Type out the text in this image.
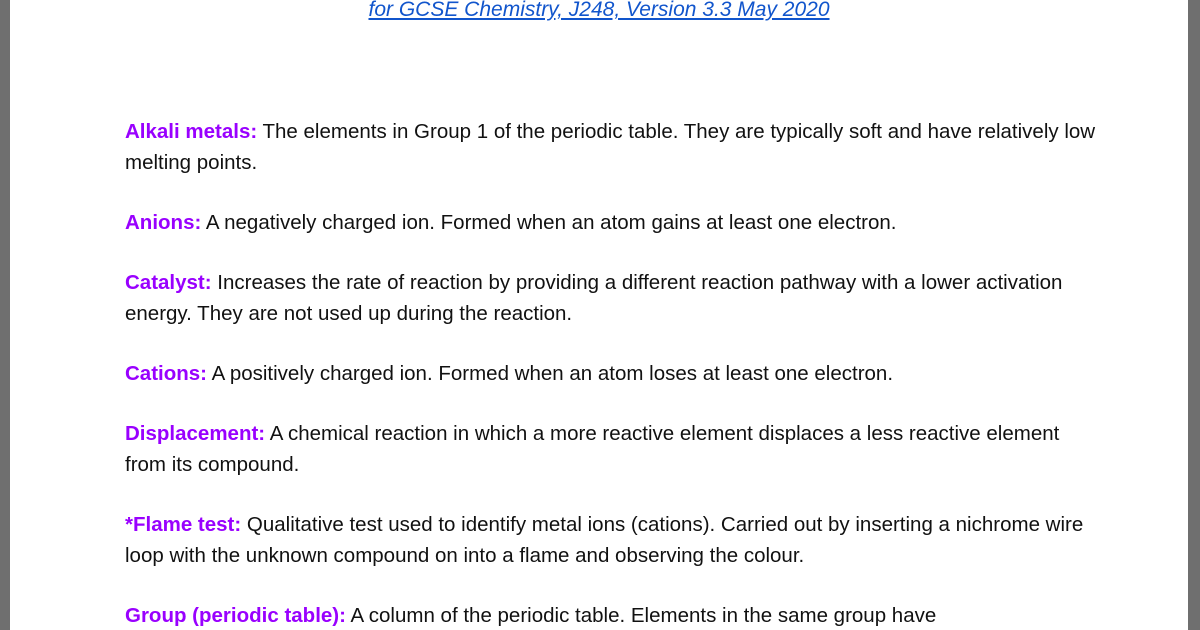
for GCSE Chemistry, J248, Version 3.3 May 2020

Alkali metals: The elements in Group 1 of the periodic table. They are typically soft and have relatively low melting points.

Anions: A negatively charged ion. Formed when an atom gains at least one electron.

Catalyst: Increases the rate of reaction by providing a different reaction pathway with a lower activation energy. They are not used up during the reaction.

Cations: A positively charged ion. Formed when an atom loses at least one electron.

Displacement: A chemical reaction in which a more reactive element displaces a less reactive element from its compound.

*Flame test: Qualitative test used to identify metal ions (cations). Carried out by inserting a nichrome wire loop with the unknown compound on into a flame and observing the colour.

Group (periodic table): A column of the periodic table. Elements in the same group have
